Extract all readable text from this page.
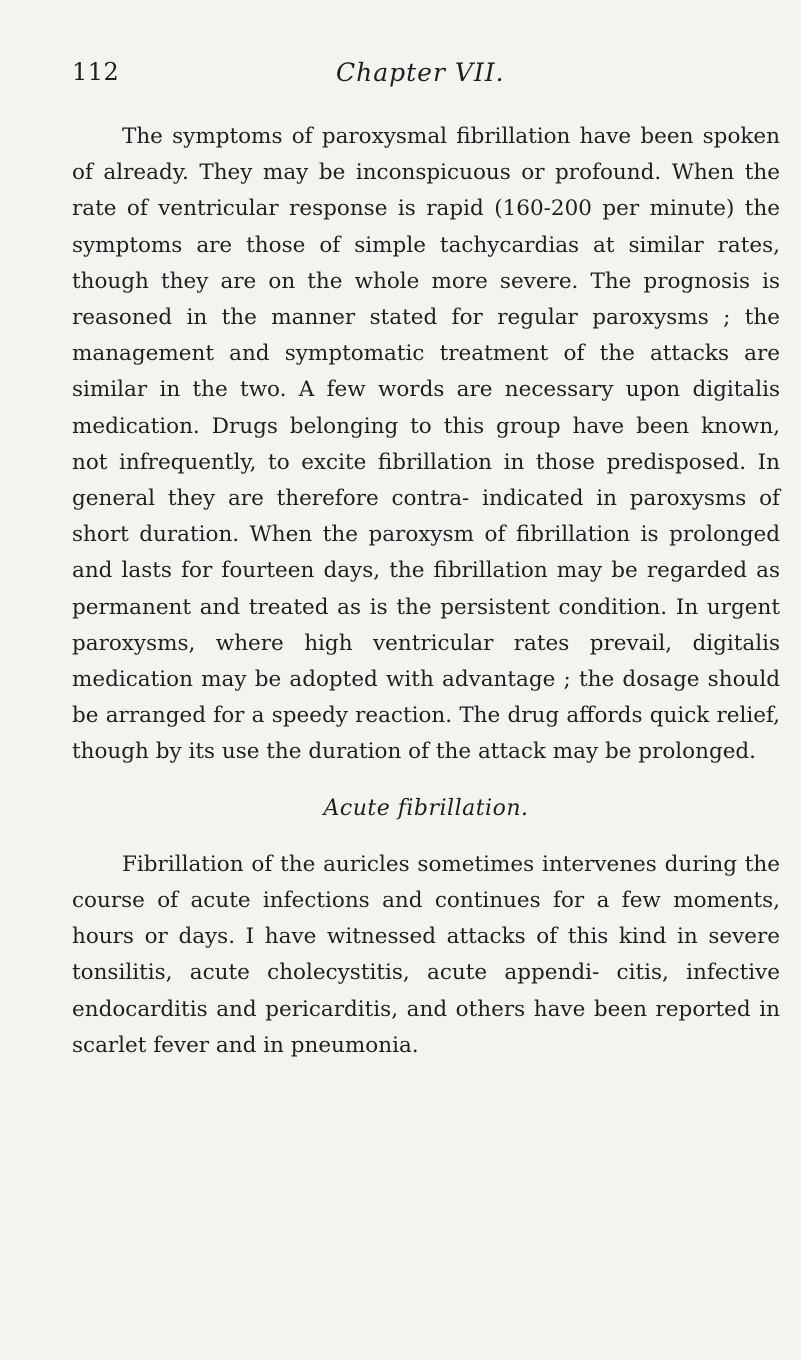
112	Chapter VII.

The symptoms of paroxysmal fibrillation have been spoken of already. They may be inconspicuous or profound. When the rate of ventricular response is rapid (160-200 per minute) the symptoms are those of simple tachycardias at similar rates, though they are on the whole more severe. The prognosis is reasoned in the manner stated for regular paroxysms ; the management and symptomatic treatment of the attacks are similar in the two. A few words are necessary upon digitalis medication. Drugs belonging to this group have been known, not infrequently, to excite fibrillation in those predisposed. In general they are therefore contra- indicated in paroxysms of short duration. When the paroxysm of fibrillation is prolonged and lasts for fourteen days, the fibrillation may be regarded as permanent and treated as is the persistent condition. In urgent paroxysms, where high ventricular rates prevail, digitalis medication may be adopted with advantage ; the dosage should be arranged for a speedy reaction. The drug affords quick relief, though by its use the duration of the attack may be prolonged.

Acute fibrillation.

Fibrillation of the auricles sometimes intervenes during the course of acute infections and continues for a few moments, hours or days. I have witnessed attacks of this kind in severe tonsilitis, acute cholecystitis, acute appendi- citis, infective endocarditis and pericarditis, and others have been reported in scarlet fever and in pneumonia.
